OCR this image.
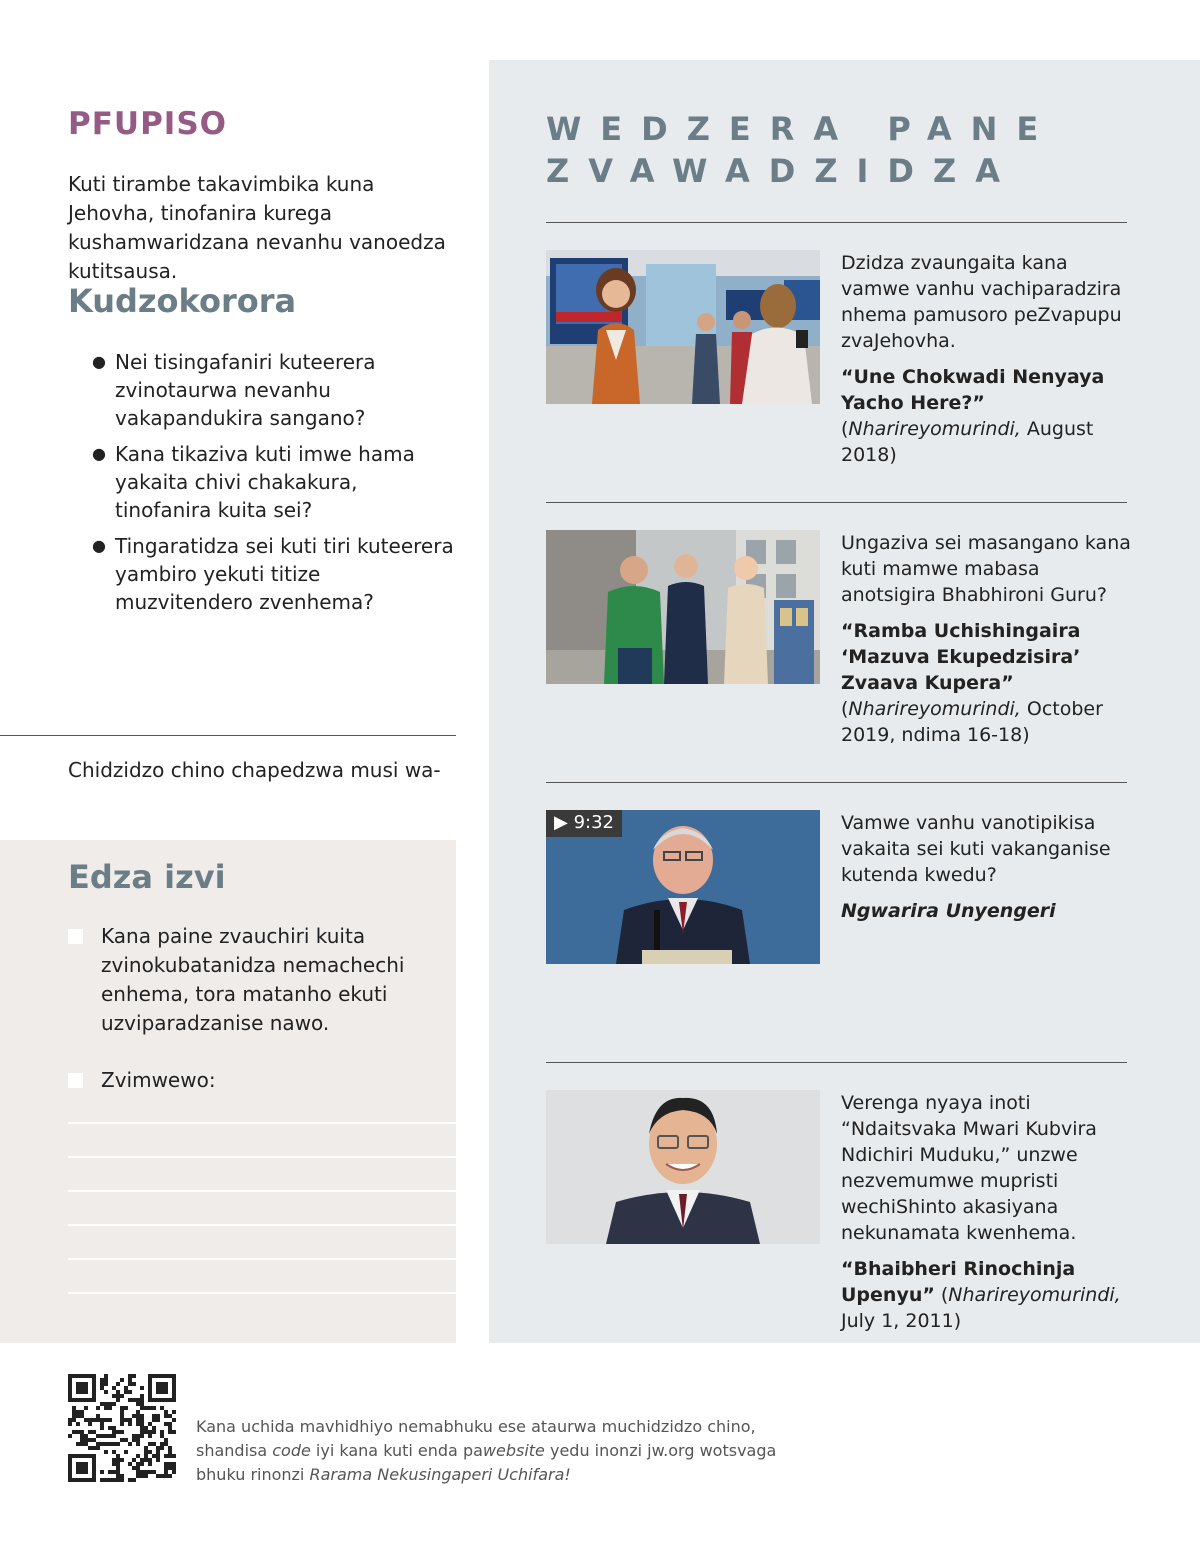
PFUPISO

Kuti tirambe takavimbika kuna Jehovha, tinofanira kurega kushamwaridzana nevanhu vanoedza kutitsausa.

Kudzokorora
● Nei tisingafaniri kuteerera zvinotaurwa nevanhu vakapandukira sangano?
● Kana tikaziva kuti imwe hama yakaita chivi chakakura, tinofanira kuita sei?
● Tingaratidza sei kuti tiri kuteerera yambiro yekuti titize muzvitendero zvenhema?

Chidzidzo chino chapedzwa musi wa-

Edza izvi
Kana paine zvauchiri kuita zvinokubatanidza nemachechi enhema, tora matanho ekuti uzviparadzanise nawo.
Zvimwewo:
WEDZERA PANE ZVAWADZIDZA
Dzidza zvaungaita kana vamwe vanhu vachiparadzira nhema pamusoro peZvapupu zvaJehovha.
“Une Chokwadi Nenyaya Yacho Here?” (Nharireyomurindi, August 2018)
Ungaziva sei masangano kana kuti mamwe mabasa anotsigira Bhabhironi Guru?
“Ramba Uchishingaira ‘Mazuva Ekupedzisira’ Zvaava Kupera” (Nharireyomurindi, October 2019, ndima 16-18)
▶ 9:32	Vamwe vanhu vanotipikisa vakaita sei kuti vakanganise kutenda kwedu?
Ngwarira Unyengeri
Verenga nyaya inoti “Ndaitsvaka Mwari Kubvira Ndichiri Muduku,” unzwe nezvemumwe mupristi wechiShinto akasiyana nekunamata kwenhema.
“Bhaibheri Rinochinja Upenyu” (Nharireyomurindi, July 1, 2011)

Kana uchida mavhidhiyo nemabhuku ese ataurwa muchidzidzo chino, shandisa code iyi kana kuti enda pawebsite yedu inonzi jw.org wotsvaga bhuku rinonzi Rarama Nekusingaperi Uchifara!
